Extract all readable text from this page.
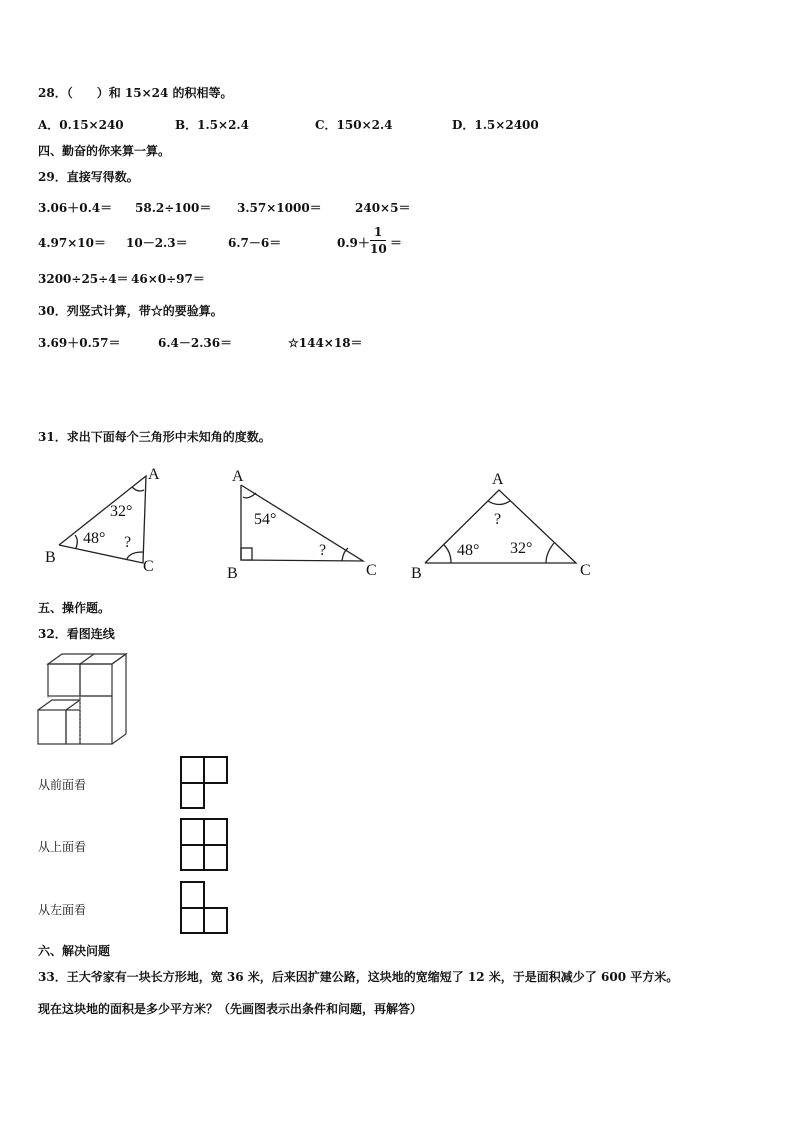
28．（　　）和 15×24 的积相等。
A．0.15×240	B．1.5×2.4	C．150×2.4	D．1.5×2400
四、勤奋的你来算一算。
29．直接写得数。
3.06＋0.4＝ 58.2÷100＝ 3.57×1000＝	240×5＝
4.97×10＝ 10－2.3＝	6.7－6＝	0.9＋
1
10 ＝
3200÷25÷4＝ 46×0÷97＝
30．列竖式计算，带☆的要验算。
3.69＋0.57＝	6.4－2.36＝	☆144×18＝
31．求出下面每个三角形中未知角的度数。
A
B
C
32°
48° ?
A
B	C
54°
?
A
B	C
?
48° 32°
五、操作题。
32．看图连线
从前面看
从上面看
从左面看
六、解决问题
33．王大爷家有一块长方形地，宽 36 米，后来因扩建公路，这块地的宽缩短了 12 米，于是面积减少了 600 平方米。
现在这块地的面积是多少平方米？（先画图表示出条件和问题，再解答）
